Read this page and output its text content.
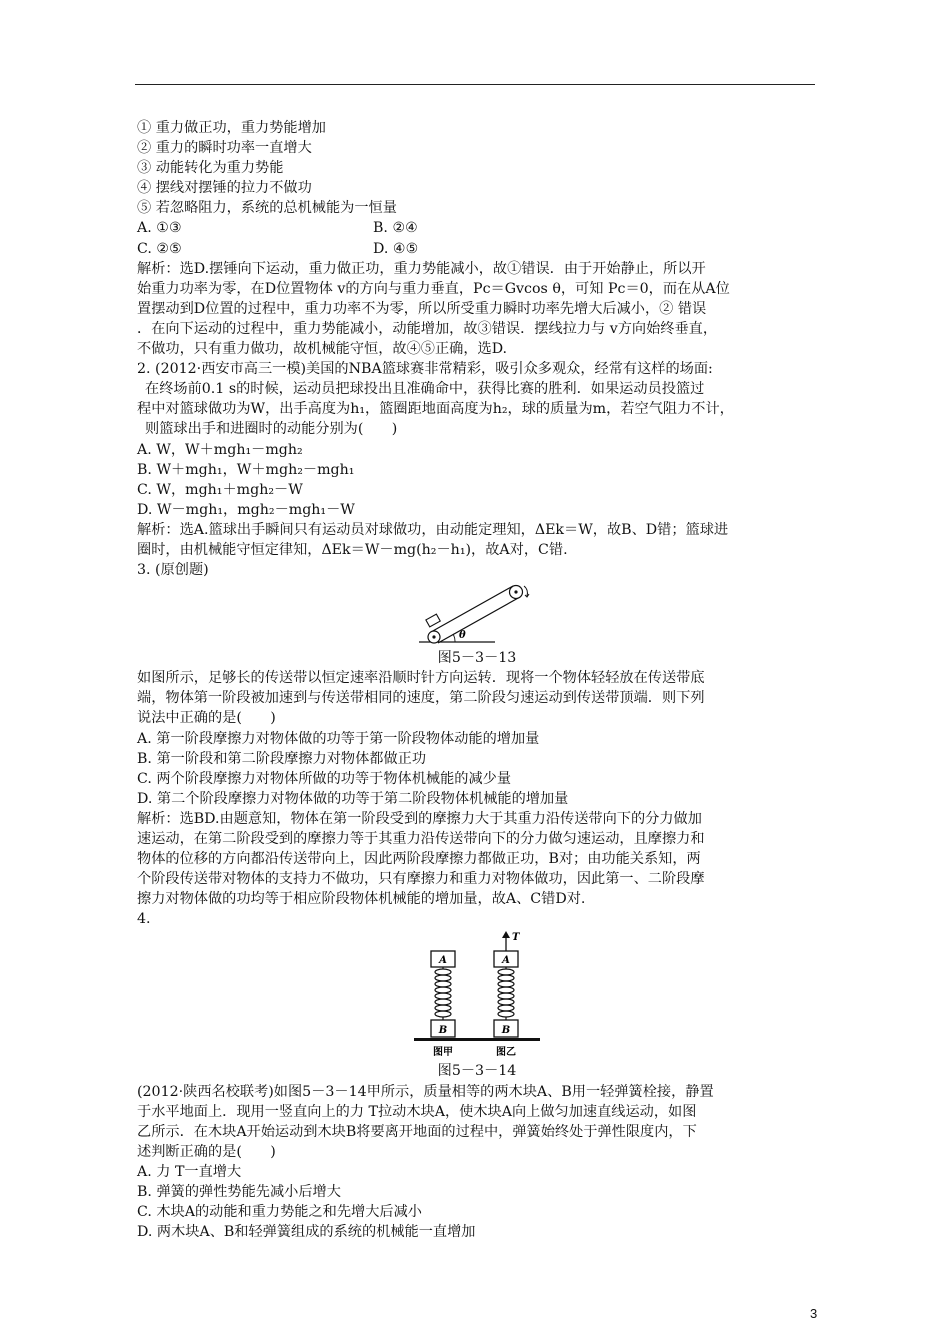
① 重力做正功，重力势能增加
② 重力的瞬时功率一直增大
③ 动能转化为重力势能
④ 摆线对摆锤的拉力不做功
⑤ 若忽略阻力，系统的总机械能为一恒量
A. ①③	B. ②④
C. ②⑤	D. ④⑤
解析：选D.摆锤向下运动，重力做正功，重力势能减小，故①错误．由于开始静止，所以开
始重力功率为零，在D位置物体 v的方向与重力垂直，Pc＝Gvcos θ，可知 Pc＝0，而在从A位
置摆动到D位置的过程中，重力功率不为零，所以所受重力瞬时功率先增大后减小，② 错误
．在向下运动的过程中，重力势能减小，动能增加，故③错误．摆线拉力与 v方向始终垂直，
不做功，只有重力做功，故机械能守恒，故④⑤正确，选D.
2. (2012·西安市高三一模)美国的NBA篮球赛非常精彩，吸引众多观众，经常有这样的场面:
在终场前0.1 s的时候，运动员把球投出且准确命中，获得比赛的胜利．如果运动员投篮过
程中对篮球做功为W，出手高度为h₁，篮圈距地面高度为h₂，球的质量为m，若空气阻力不计，
则篮球出手和进圈时的动能分别为(　　)
A. W，W＋mgh₁－mgh₂
B. W＋mgh₁，W＋mgh₂－mgh₁
C. W，mgh₁＋mgh₂－W
D. W－mgh₁，mgh₂－mgh₁－W
解析：选A.篮球出手瞬间只有运动员对球做功，由动能定理知，ΔEk＝W，故B、D错；篮球进
圈时，由机械能守恒定律知，ΔEk＝W－mg(h₂－h₁)，故A对，C错.
3. (原创题)
θ
图5－3－13
如图所示，足够长的传送带以恒定速率沿顺时针方向运转．现将一个物体轻轻放在传送带底
端，物体第一阶段被加速到与传送带相同的速度，第二阶段匀速运动到传送带顶端．则下列
说法中正确的是(　　)
A. 第一阶段摩擦力对物体做的功等于第一阶段物体动能的增加量
B. 第一阶段和第二阶段摩擦力对物体都做正功
C. 两个阶段摩擦力对物体所做的功等于物体机械能的减少量
D. 第二个阶段摩擦力对物体做的功等于第二阶段物体机械能的增加量
解析：选BD.由题意知，物体在第一阶段受到的摩擦力大于其重力沿传送带向下的分力做加
速运动，在第二阶段受到的摩擦力等于其重力沿传送带向下的分力做匀速运动，且摩擦力和
物体的位移的方向都沿传送带向上，因此两阶段摩擦力都做正功，B对；由功能关系知，两
个阶段传送带对物体的支持力不做功，只有摩擦力和重力对物体做功，因此第一、二阶段摩
擦力对物体做的功均等于相应阶段物体机械能的增加量，故A、C错D对.
4.
A
B
图甲
T
A
B
图乙
图5－3－14
(2012·陕西名校联考)如图5－3－14甲所示，质量相等的两木块A、B用一轻弹簧栓接，静置
于水平地面上．现用一竖直向上的力 T拉动木块A，使木块A向上做匀加速直线运动，如图
乙所示．在木块A开始运动到木块B将要离开地面的过程中，弹簧始终处于弹性限度内，下
述判断正确的是(　　)
A. 力 T一直增大
B. 弹簧的弹性势能先减小后增大
C. 木块A的动能和重力势能之和先增大后减小
D. 两木块A、B和轻弹簧组成的系统的机械能一直增加
3
